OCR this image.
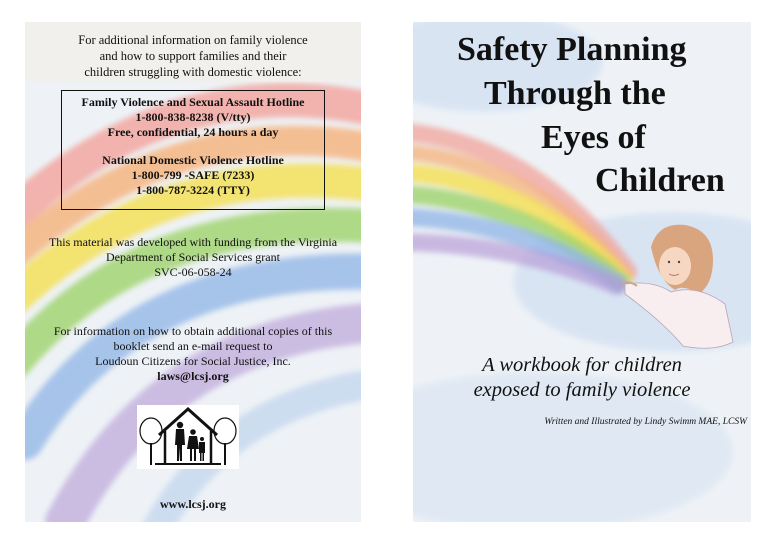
For additional information on family violence
and how to support families and their
children struggling with domestic violence:
Family Violence and Sexual Assault Hotline
1-800-838-8238 (V/tty)
Free, confidential, 24 hours a day
National Domestic Violence Hotline
1-800-799 -SAFE (7233)
1-800-787-3224 (TTY)
This material was developed with funding from the Virginia
Department of Social Services grant
SVC-06-058-24
For information on how to obtain additional copies of this
booklet send an e-mail request to
Loudoun Citizens for Social Justice, Inc.
laws@lcsj.org
www.lcsj.org
Safety Planning
Through the
Eyes of
Children
A workbook for children
exposed to family violence
Written and Illustrated by Lindy Swimm MAE, LCSW
